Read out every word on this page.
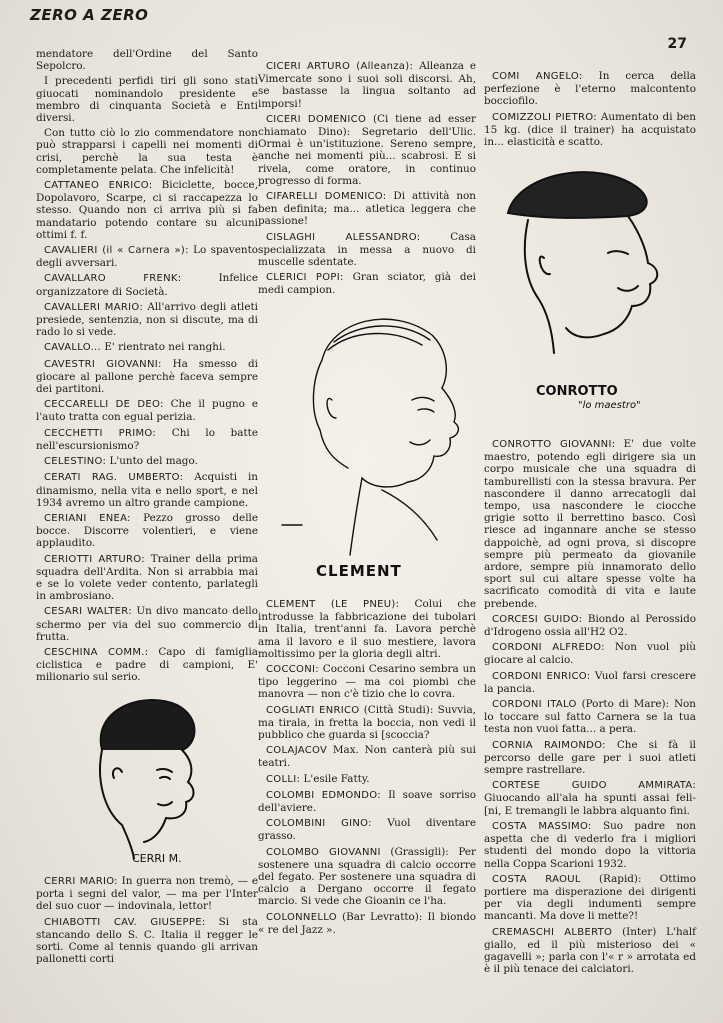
ZERO A ZERO
27

mendatore dell'Ordine del Santo Sepolcro.

I precedenti perfidi tiri gli sono stati giuocati nominandolo presidente e membro di cinquanta Società e Enti diversi.

Con tutto ciò lo zio commendatore non può strapparsi i capelli nei momenti di crisi, perchè la sua testa è completamente pelata. Che infelicità!

CATTANEO ENRICO: Biciclette, bocce, Dopolavoro, Scarpe, ci si raccapezza lo stesso. Quando non ci arriva più si fa mandatario potendo contare su alcuni ottimi f. f.

CAVALIERI (il « Carnera »): Lo spavento degli avversari.

CAVALLARO FRENK:	Infelice organizzatore di Società.

CAVALLERI MARIO: All'arrivo degli atleti presiede, sentenzia, non si discute, ma di rado lo si vede.

CAVALLO... E' rientrato nei ranghi.

CAVESTRI GIOVANNI: Ha smesso di giocare al pallone perchè faceva sempre dei partitoni.

CECCARELLI DE DEO: Che il pugno e l'auto tratta con egual perizia.

CECCHETTI PRIMO: Chi lo batte nell'escursionismo?

CELESTINO: L'unto del mago.

CERATI RAG. UMBERTO: Acquisti in dinamismo, nella vita e nello sport, e nel 1934 avremo un altro grande campione.

CERIANI ENEA: Pezzo grosso delle bocce. Discorre volentieri, e viene applaudito.

CERIOTTI ARTURO: Trainer della prima squadra dell'Ardita. Non si arrabbia mai e se lo volete veder contento, parlategli in ambrosiano.

CESARI WALTER: Un divo mancato dello schermo per via del suo commercio di frutta.

CESCHINA COMM.: Capo di famiglia ciclistica e padre di campioni, E' milionario sul serio.

CERRI M.

CERRI MARIO: In guerra non tremò, — e porta i segni del valor, — ma per l'Inter del suo cuor — indovinala, lettor!

CHIABOTTI CAV. GIUSEPPE: Si sta stancando dello S. C. Italia il regger le sorti. Come al tennis quando gli arrivan pallonetti corti

CICERI ARTURO (Alleanza): Alleanza e Vimercate sono i suoi soli discorsi. Ah, se bastasse la lingua soltanto ad imporsi!

CICERI DOMENICO (Ci tiene ad esser chiamato Dino): Segretario dell'Ulic. Ormai è un'istituzione. Sereno sempre, anche nei momenti più... scabrosi. E si rivela, come oratore, in continuo progresso di forma.

CIFARELLI DOMENICO: Di attività non ben definita; ma... atletica leggera che passione!

CISLAGHI ALESSANDRO:	Casa specializzata in messa a nuovo di muscelle sdentate.

CLERICI POPI: Gran sciator, già dei medi campion.

CLEMENT

CLEMENT (LE PNEU): Colui che introdusse la fabbricazione dei tubolari in Italia, trent'anni fa. Lavora perchè ama il lavoro e il suo mestiere, lavora moltissimo per la gloria degli altri.

COCCONI: Cocconi Cesarino sembra un tipo leggerino — ma coi piombi che manovra — non c'è tizio che lo covra.

COGLIATI ENRICO (Città Studi): Suvvia, ma tirala, in fretta la boccia, non vedi il pubblico che guarda si [scoccia?

COLAJACOV Max. Non canterà più sui teatri.

COLLI: L'esile Fatty.

COLOMBI EDMONDO: Il soave sorriso dell'aviere.

COLOMBINI GINO: Vuol diventare grasso.

COLOMBO GIOVANNI (Grassigli): Per sostenere una squadra di calcio occorre del fegato. Per sostenere una squadra di calcio a Dergano occorre il fegato marcio. Si vede che Gioanin ce l'ha.

COLONNELLO (Bar Levratto): Il biondo « re del Jazz ».

COMI ANGELO: In cerca della perfezione è l'eterno malcontento bocciofilo.

COMIZZOLI PIETRO: Aumentato di ben 15 kg. (dice il trainer) ha acquistato in... elasticità e scatto.

CONROTTO
"lo maestro"

CONROTTO GIOVANNI: E' due volte maestro, potendo egli dirigere sia un corpo musicale che una squadra di tamburellisti con la stessa bravura. Per nascondere il danno arrecatogli dal tempo, usa nascondere le ciocche grigie sotto il berrettino basco. Così riesce ad ingannare anche se stesso dappoichè, ad ogni prova, si discopre sempre più permeato da giovanile ardore, sempre più innamorato dello sport sul cui altare spesse volte ha sacrificato comodità di vita e laute prebende.

CORCESI GUIDO: Biondo al Perossido d'Idrogeno ossia all'H2 O2.

CORDONI ALFREDO: Non vuol più giocare al calcio.

CORDONI ENRICO: Vuol farsi crescere la pancia.

CORDONI ITALO (Porto di Mare): Non lo toccare sul fatto Carnera se la tua testa non vuoi fatta... a pera.

CORNIA RAIMONDO: Che si fà il percorso delle gare per i suoi atleti sempre rastrellare.

CORTESE GUIDO AMMIRATA: Giuocando all'ala ha spunti assai feli- [ni, E tremangli le labbra alquanto fini.

COSTA MASSIMO: Suo padre non aspetta che di vederlo fra i migliori studenti del mondo dopo la vittoria nella Coppa Scarioni 1932.

COSTA RAOUL (Rapid): Ottimo portiere ma disperazione dei dirigenti per via degli indumenti sempre mancanti. Ma dove li mette?!

CREMASCHI ALBERTO (Inter) L'half giallo, ed il più misterioso dei « gagavelli »; parla con l'« r » arrotata ed è il più tenace dei calciatori.
